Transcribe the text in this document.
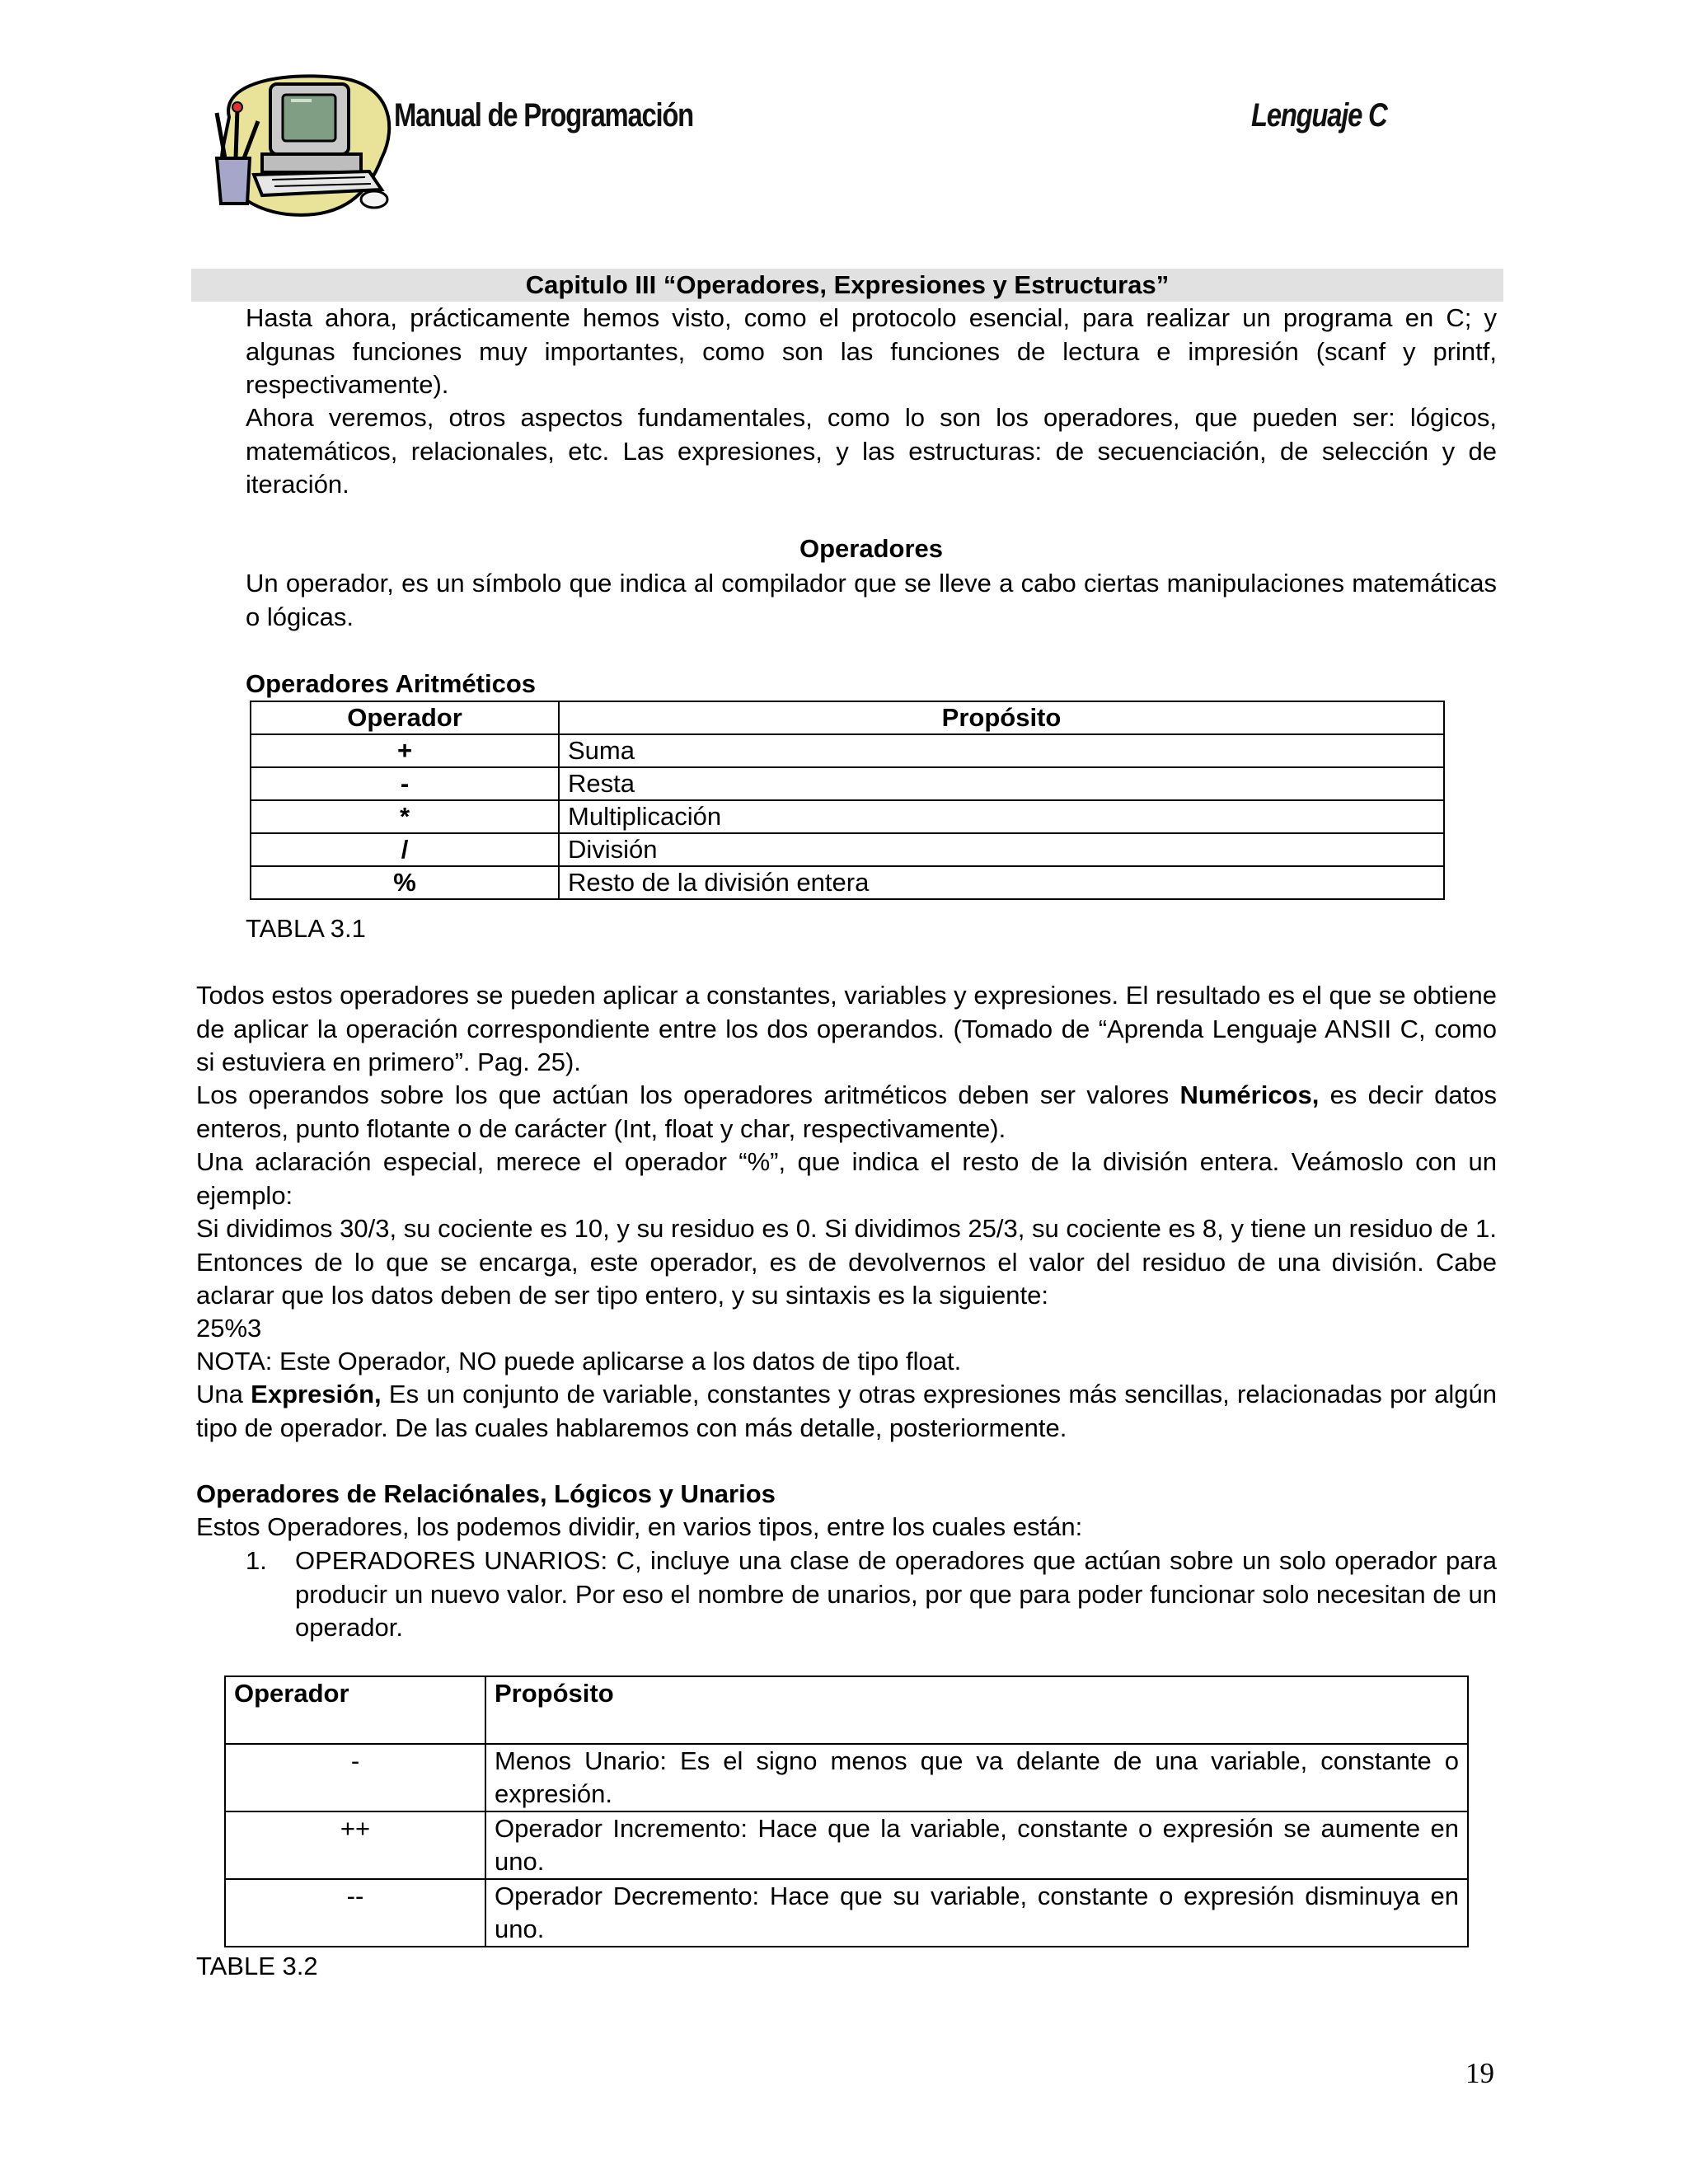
Manual de Programación	Lenguaje C
Capitulo III “Operadores, Expresiones y Estructuras”
Hasta ahora, prácticamente hemos visto, como el protocolo esencial, para realizar un programa en C; y algunas funciones muy importantes, como son las funciones de lectura e impresión (scanf y printf, respectivamente).
Ahora veremos, otros aspectos fundamentales, como lo son los operadores, que pueden ser: lógicos, matemáticos, relacionales, etc. Las expresiones, y las estructuras: de secuenciación, de selección y de iteración.
Operadores
Un operador, es un símbolo que indica al compilador que se lleve a cabo ciertas manipulaciones matemáticas o lógicas.
Operadores Aritméticos
Operador	Propósito
+	Suma
-	Resta
*	Multiplicación
/	División
%	Resto de la división entera
TABLA 3.1
Todos estos operadores se pueden aplicar a constantes, variables y expresiones. El resultado es el que se obtiene de aplicar la operación correspondiente entre los dos operandos. (Tomado de “Aprenda Lenguaje ANSII C, como si estuviera en primero”. Pag. 25).
Los operandos sobre los que actúan los operadores aritméticos deben ser valores Numéricos, es decir datos enteros, punto flotante o de carácter (Int, float y char, respectivamente).
Una aclaración especial, merece el operador “%”, que indica el resto de la división entera. Veámoslo con un ejemplo:
Si dividimos 30/3, su cociente es 10, y su residuo es 0. Si dividimos 25/3, su cociente es 8, y tiene un residuo de 1. Entonces de lo que se encarga, este operador, es de devolvernos el valor del residuo de una división. Cabe aclarar que los datos deben de ser tipo entero, y su sintaxis es la siguiente:
25%3
NOTA: Este Operador, NO puede aplicarse a los datos de tipo float.
Una Expresión, Es un conjunto de variable, constantes y otras expresiones más sencillas, relacionadas por algún tipo de operador. De las cuales hablaremos con más detalle, posteriormente.
Operadores de Relaciónales, Lógicos y Unarios
Estos Operadores, los podemos dividir, en varios tipos, entre los cuales están:
1. OPERADORES UNARIOS: C, incluye una clase de operadores que actúan sobre un solo operador para producir un nuevo valor. Por eso el nombre de unarios, por que para poder funcionar solo necesitan de un operador.
Operador	Propósito
-	Menos Unario: Es el signo menos que va delante de una variable, constante o expresión.
++	Operador Incremento: Hace que la variable, constante o expresión se aumente en uno.
--	Operador Decremento: Hace que su variable, constante o expresión disminuya en uno.
TABLE 3.2
19
